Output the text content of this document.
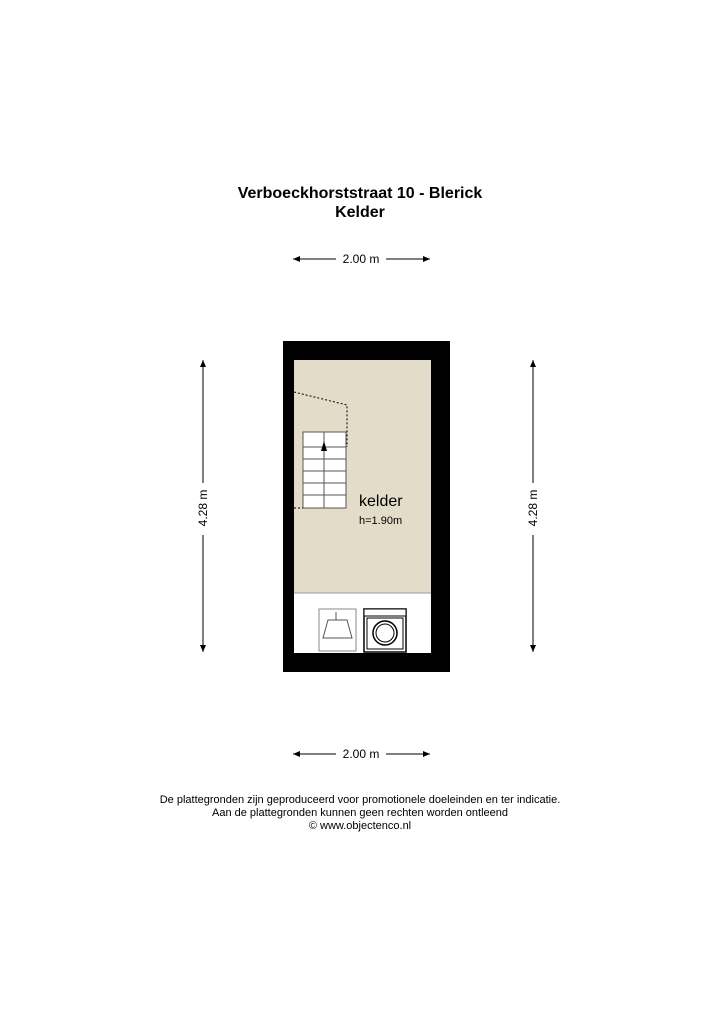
Verboeckhorststraat 10 - Blerick
Kelder
2.00 m
2.00 m
4.28 m	4.28 m
kelder
h=1.90m
De plattegronden zijn geproduceerd voor promotionele doeleinden en ter indicatie.
Aan de plattegronden kunnen geen rechten worden ontleend
© www.objectenco.nl
